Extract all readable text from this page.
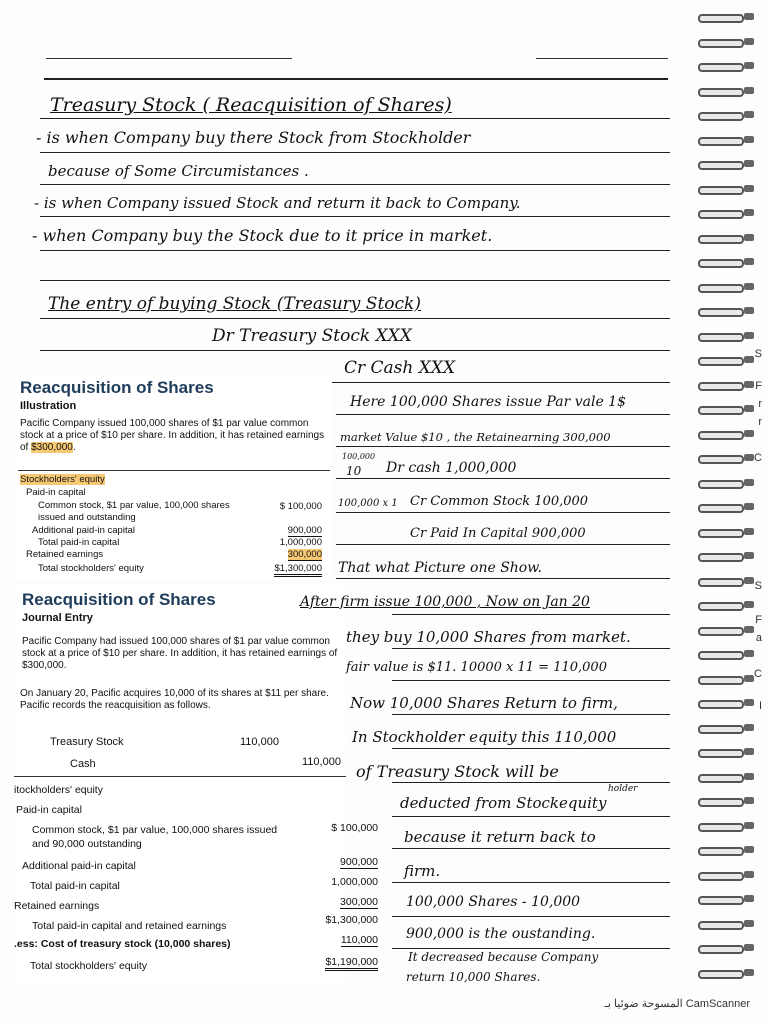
Treasury Stock ( Reacquisition of Shares)
- is when Company buy there Stock from Stockholder
because of Some Circumistances .
- is when Company issued Stock and return it back to Company.
- when Company buy the Stock due to it price in market.
The entry of buying Stock (Treasury Stock)
Dr Treasury Stock XXX
Cr Cash XXX
Reacquisition of Shares
Illustration
Pacific Company issued 100,000 shares of $1 par value common stock at a price of $10 per share. In addition, it has retained earnings of $300,000.
Stockholders' equity
Paid-in capital
Common stock, $1 par value, 100,000 shares
issued and outstanding
$ 100,000
Additional paid-in capital	900,000
Total paid-in capital	1,000,000
Retained earnings	300,000
Total stockholders' equity	$1,300,000
Here 100,000 Shares issue Par vale 1$
market Value $10 , the Retainearning 300,000
100,000
10 Dr cash 1,000,000
100,000 x 1 Cr Common Stock 100,000
Cr Paid In Capital 900,000
That what Picture one Show.
Reacquisition of Shares
Journal Entry
Pacific Company had issued 100,000 shares of $1 par value common stock at a price of $10 per share. In addition, it has retained earnings of $300,000.
On January 20, Pacific acquires 10,000 of its shares at $11 per share. Pacific records the reacquisition as follows.
Treasury Stock	110,000
Cash	110,000
itockholders' equity
Paid-in capital
Common stock, $1 par value, 100,000 shares issued
and 90,000 outstanding
$ 100,000
Additional paid-in capital	900,000
Total paid-in capital	1,000,000
Retained earnings	300,000
Total paid-in capital and retained earnings	$1,300,000
.ess: Cost of treasury stock (10,000 shares)	110,000
Total stockholders' equity	$1,190,000
After firm issue 100,000 , Now on Jan 20
they buy 10,000 Shares from market.
fair value is $11. 10000 x 11 = 110,000
Now 10,000 Shares Return to firm,
In Stockholder equity this 110,000
of Treasury Stock will be
holder
deducted from Stockequity
because it return back to
firm.
100,000 Shares - 10,000
900,000 is the oustanding.
It decreased because Company
return 10,000 Shares.
S
F
r
r
C
S
F
a
C
I
المسوحة ضوئيا بـ CamScanner
